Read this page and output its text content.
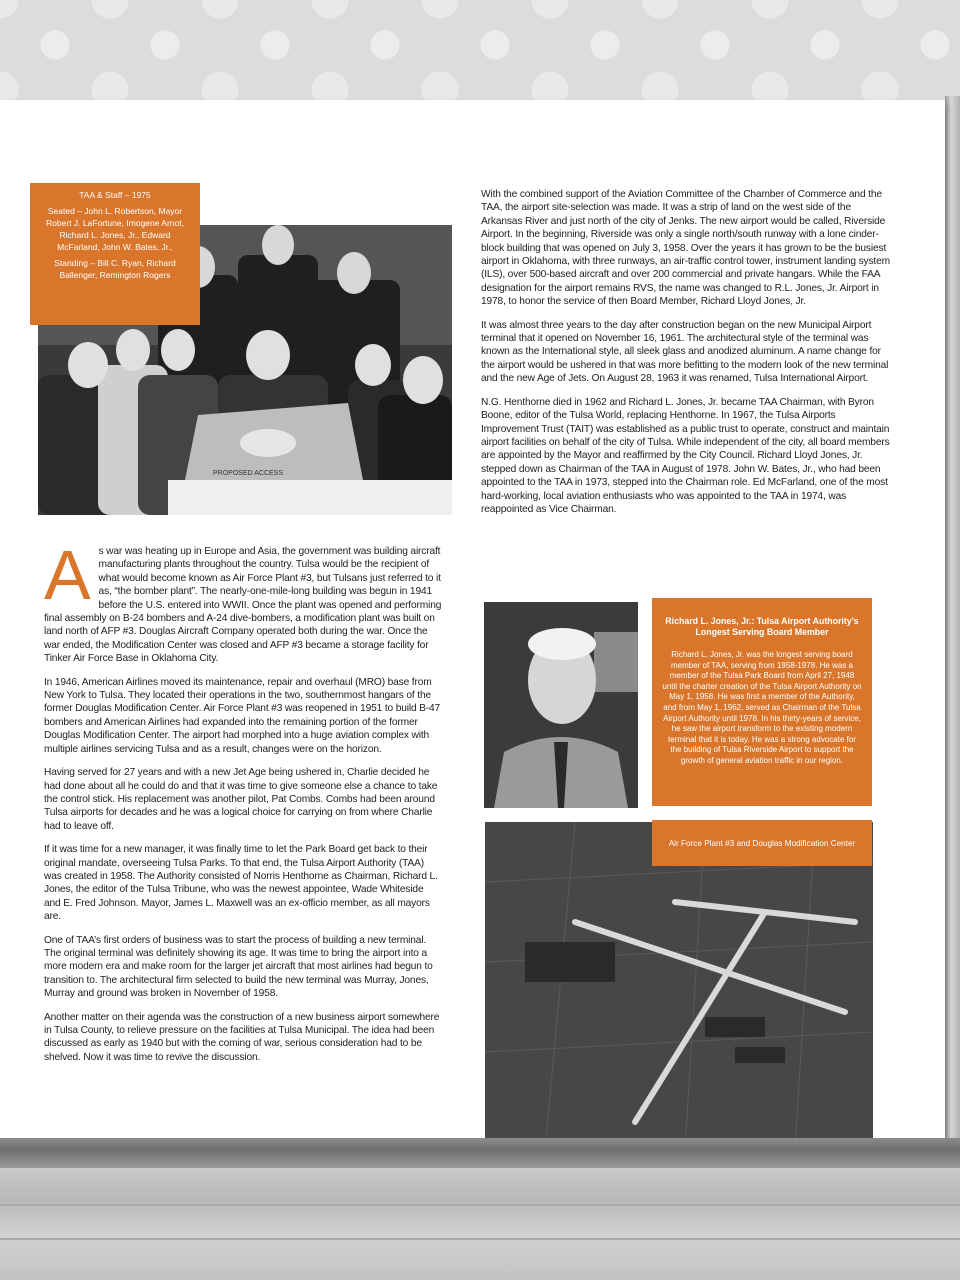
PROPOSED ACCESS

TAA & Staff – 1975

Seated – John L. Robertson, Mayor Robert J. LaFortune, Imogene Arnot, Richard L. Jones, Jr., Edward McFarland, John W. Bates, Jr.,

Standing – Bill C. Ryan, Richard Ballenger, Remington Rogers

With the combined support of the Aviation Committee of the Chamber of Commerce and the TAA, the airport site-selection was made. It was a strip of land on the west side of the Arkansas River and just north of the city of Jenks. The new airport would be called, Riverside Airport. In the beginning, Riverside was only a single north/south runway with a lone cinder-block building that was opened on July 3, 1958. Over the years it has grown to be the busiest airport in Oklahoma, with three runways, an air-traffic control tower, instrument landing system (ILS), over 500-based aircraft and over 200 commercial and private hangars. While the FAA designation for the airport remains RVS, the name was changed to R.L. Jones, Jr. Airport in 1978, to honor the service of then Board Member, Richard Lloyd Jones, Jr.

It was almost three years to the day after construction began on the new Municipal Airport terminal that it opened on November 16, 1961. The architectural style of the terminal was known as the International style, all sleek glass and anodized aluminum. A name change for the airport would be ushered in that was more befitting to the modern look of the new terminal and the new Age of Jets. On August 28, 1963 it was renamed, Tulsa International Airport.

N.G. Henthorne died in 1962 and Richard L. Jones, Jr. became TAA Chairman, with Byron Boone, editor of the Tulsa World, replacing Henthorne. In 1967, the Tulsa Airports Improvement Trust (TAIT) was established as a public trust to operate, construct and maintain airport facilities on behalf of the city of Tulsa. While independent of the city, all board members are appointed by the Mayor and reaffirmed by the City Council. Richard Lloyd Jones, Jr. stepped down as Chairman of the TAA in August of 1978. John W. Bates, Jr., who had been appointed to the TAA in 1973, stepped into the Chairman role. Ed McFarland, one of the most hard-working, local aviation enthusiasts who was appointed to the TAA in 1974, was reappointed as Vice Chairman.

As war was heating up in Europe and Asia, the government was building aircraft manufacturing plants throughout the country. Tulsa would be the recipient of what would become known as Air Force Plant #3, but Tulsans just referred to it as, “the bomber plant”. The nearly-one-mile-long building was begun in 1941 before the U.S. entered into WWII. Once the plant was opened and performing final assembly on B-24 bombers and A-24 dive-bombers, a modification plant was built on land north of AFP #3. Douglas Aircraft Company operated both during the war. Once the war ended, the Modification Center was closed and AFP #3 became a storage facility for Tinker Air Force Base in Oklahoma City.

In 1946, American Airlines moved its maintenance, repair and overhaul (MRO) base from New York to Tulsa. They located their operations in the two, southernmost hangars of the former Douglas Modification Center. Air Force Plant #3 was reopened in 1951 to build B-47 bombers and American Airlines had expanded into the remaining portion of the former Douglas Modification Center. The airport had morphed into a huge aviation complex with multiple airlines servicing Tulsa and as a result, changes were on the horizon.

Having served for 27 years and with a new Jet Age being ushered in, Charlie decided he had done about all he could do and that it was time to give someone else a chance to take the control stick. His replacement was another pilot, Pat Combs. Combs had been around Tulsa airports for decades and he was a logical choice for carrying on from where Charlie had to leave off.

If it was time for a new manager, it was finally time to let the Park Board get back to their original mandate, overseeing Tulsa Parks. To that end, the Tulsa Airport Authority (TAA) was created in 1958. The Authority consisted of Norris Henthorne as Chairman, Richard L. Jones, the editor of the Tulsa Tribune, who was the newest appointee, Wade Whiteside and E. Fred Johnson. Mayor, James L. Maxwell was an ex-officio member, as all mayors are.

One of TAA’s first orders of business was to start the process of building a new terminal. The original terminal was definitely showing its age. It was time to bring the airport into a more modern era and make room for the larger jet aircraft that most airlines had begun to transition to. The architectural firm selected to build the new terminal was Murray, Jones, Murray and ground was broken in November of 1958.

Another matter on their agenda was the construction of a new business airport somewhere in Tulsa County, to relieve pressure on the facilities at Tulsa Municipal. The idea had been discussed as early as 1940 but with the coming of war, serious consideration had to be shelved. Now it was time to revive the discussion.

Richard L. Jones, Jr.: Tulsa Airport Authority’s Longest Serving Board Member

Richard L. Jones, Jr. was the longest serving board member of TAA, serving from 1958-1978. He was a member of the Tulsa Park Board from April 27, 1948 until the charter creation of the Tulsa Airport Authority on May 1, 1958. He was first a member of the Authority, and from May 1, 1962, served as Chairman of the Tulsa Airport Authority until 1978. In his thirty-years of service, he saw the airport transform to the existing modern terminal that it is today. He was a strong advocate for the building of Tulsa Riverside Airport to support the growth of general aviation traffic in our region.

Air Force Plant #3 and Douglas Modification Center
